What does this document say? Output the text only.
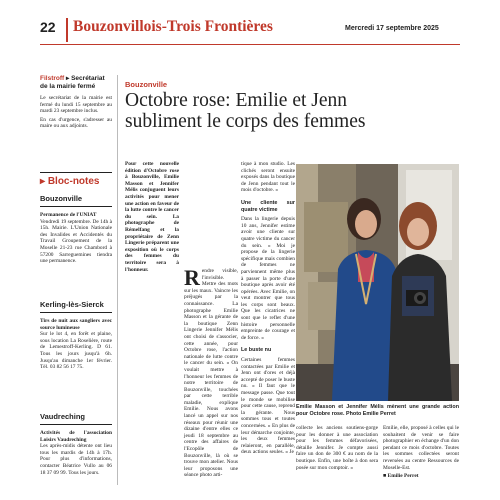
22 Bouzonvillois-Trois Frontières	Mercredi 17 septembre 2025
Filstroff ▸ Secrétariat
de la mairie fermé
Le secrétariat de la mairie est fermé du lundi 15 septembre au mardi 23 septembre inclus.
En cas d'urgence, s'adresser au maire ou aux adjoints.
▸ Bloc-notes
Bouzonville
Permanence de l'UNIAT
Vendredi 19 septembre. De 14h à 15h. Mairie. L'Union Nationale des Invalides et Accidentés du Travail Groupement de la Moselle 21-23 rue Chambord à 57200 Sarreguemines tiendra une permanence.
Kerling-lès-Sierck
Tirs de nuit aux sangliers avec source lumineuse
Sur le lot 4, en forêt et plaine, sous location La Roselière, route de Lemestroff-Kerling. D 61. Tous les jours jusqu'à 6h. Jusqu'au dimanche 1er février. Tél. 03 82 56 17 75.
Vaudreching
Activités de l'association Loisirs Vaudreching
Les après-midis détente ont lieu tous les mardis de 14h à 17h. Pour plus d'informations, contacter Béatrice Vullo au 06 18 37 09 99. Tous les jours.
Bouzonville
Octobre rose: Emilie et Jenn
subliment le corps des femmes
Pour cette nouvelle édition d'Octobre rose à Bouzonville, Emilie Masson et Jennifer Mélis conjuguent leurs activités pour mener une action en faveur de la lutte contre le cancer du sein. La photographe de Rémelfang et la propriétaire de Zenn Lingerie préparent une exposition où le corps des femmes du territoire sera à l'honneur.	Rendre visible, l'invisible. Mettre des mots sur les maux. Vaincre les préjugés par la connaissance. La photographe Emilie Masson et la gérante de la boutique Zenn Lingerie Jennifer Mélis ont choisi de s'associer, cette année, pour Octobre rose, l'action nationale de lutte contre le cancer du sein. « On voulait mettre à l'honneur les femmes de notre territoire de Bouzonville, touchées par cette terrible maladie, explique Emilie. Nous avons lancé un appel sur nos réseaux pour réunir une dizaine d'entre elles ce jeudi 18 septembre au centre des affaires de l'Ecopôle de Bouzonville, là où se trouve mon atelier. Nous leur proposons une séance photo arti-
tique à mon studio. Les clichés seront ensuite exposés dans la boutique de Jenn pendant tout le mois d'octobre. »
Une cliente sur quatre victime
Dans la lingerie depuis 10 ans, Jennifer estime avoir une cliente sur quatre victime du cancer du sein. « Moi je propose de la lingerie spécifique mais combien de femmes ne parviennent même plus à passer la porte d'une boutique après avoir été opérées. Avec Emilie, on veut montrer que tous les corps sont beaux. Que les cicatrices ne sont que le reflet d'une histoire personnelle empreinte de courage et de force. »
Le buste nu
Certaines femmes contactées par Emilie et Jenn ont d'ores et déjà accepté de poser le buste nu. « Il faut que le message passe. Que tout le monde se mobilise pour cette cause, reprend la gérante. Nous sommes tous et toutes concernées. » En plus de leur démarche conjointe, les deux femmes relaieront, en parallèle, deux actions seules. « Je
Emilie Masson et Jennifer Mélis mènent une grande action pour Octobre rose. Photo Emilie Perret
collecte les anciens soutiens-gorge pour les donner à une association pour les femmes défavorisées, détaille Jennifer. Je compte aussi faire un don de 300 € au nom de la boutique. Enfin, une boîte à don sera posée sur mon comptoir. »
Emilie, elle, proposé à celles qui le souhaitent de venir se faire photographier en échange d'un don pendant ce mois d'octobre. Toutes les sommes collectées seront reversées au centre Ressources de Moselle-Est.
■ Emilie Perret
